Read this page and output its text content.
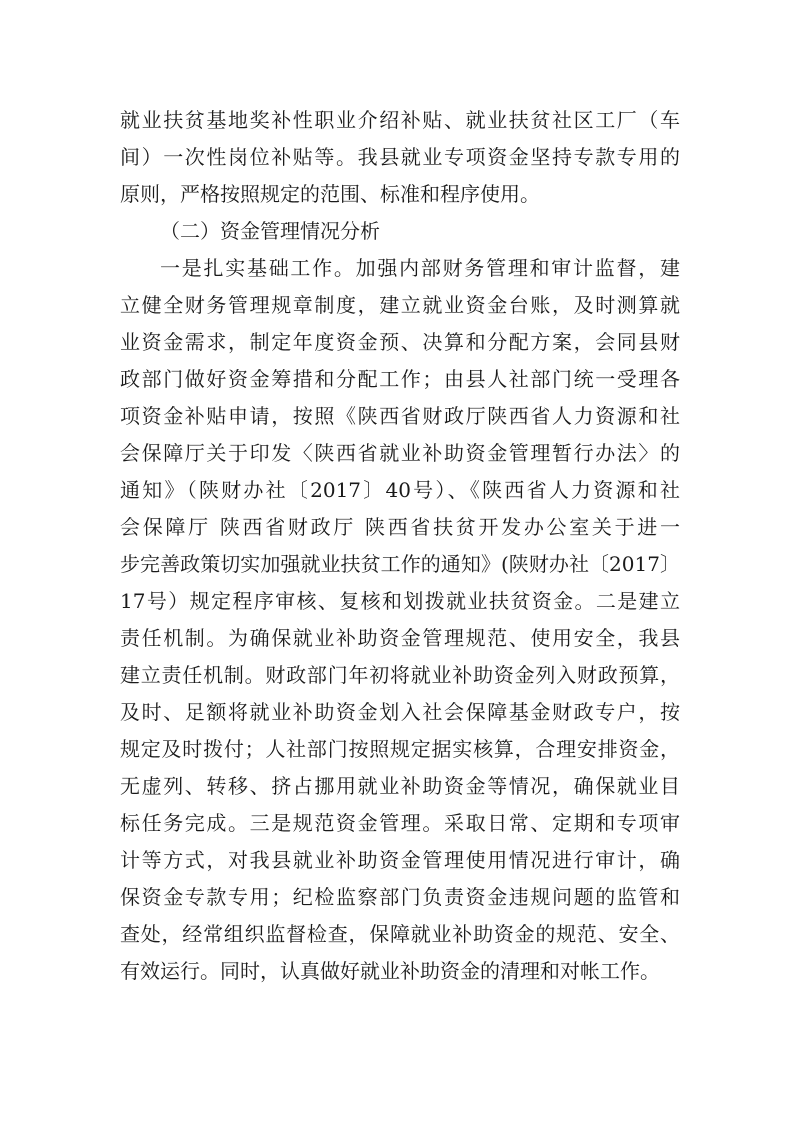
就业扶贫基地奖补性职业介绍补贴、就业扶贫社区工厂（车
间）一次性岗位补贴等。我县就业专项资金坚持专款专用的
原则，严格按照规定的范围、标准和程序使用。
（二）资金管理情况分析
一是扎实基础工作。加强内部财务管理和审计监督，建
立健全财务管理规章制度，建立就业资金台账，及时测算就
业资金需求，制定年度资金预、决算和分配方案，会同县财
政部门做好资金筹措和分配工作；由县人社部门统一受理各
项资金补贴申请，按照《陕西省财政厅陕西省人力资源和社
会保障厅关于印发〈陕西省就业补助资金管理暂行办法〉的
通知》（陕财办社〔2017〕40号）、《陕西省人力资源和社
会保障厅 陕西省财政厅 陕西省扶贫开发办公室关于进一
步完善政策切实加强就业扶贫工作的通知》(陕财办社〔2017〕
17号）规定程序审核、复核和划拨就业扶贫资金。二是建立
责任机制。为确保就业补助资金管理规范、使用安全，我县
建立责任机制。财政部门年初将就业补助资金列入财政预算，
及时、足额将就业补助资金划入社会保障基金财政专户，按
规定及时拨付；人社部门按照规定据实核算，合理安排资金，
无虚列、转移、挤占挪用就业补助资金等情况，确保就业目
标任务完成。三是规范资金管理。采取日常、定期和专项审
计等方式，对我县就业补助资金管理使用情况进行审计，确
保资金专款专用；纪检监察部门负责资金违规问题的监管和
查处，经常组织监督检查，保障就业补助资金的规范、安全、
有效运行。同时，认真做好就业补助资金的清理和对帐工作。
